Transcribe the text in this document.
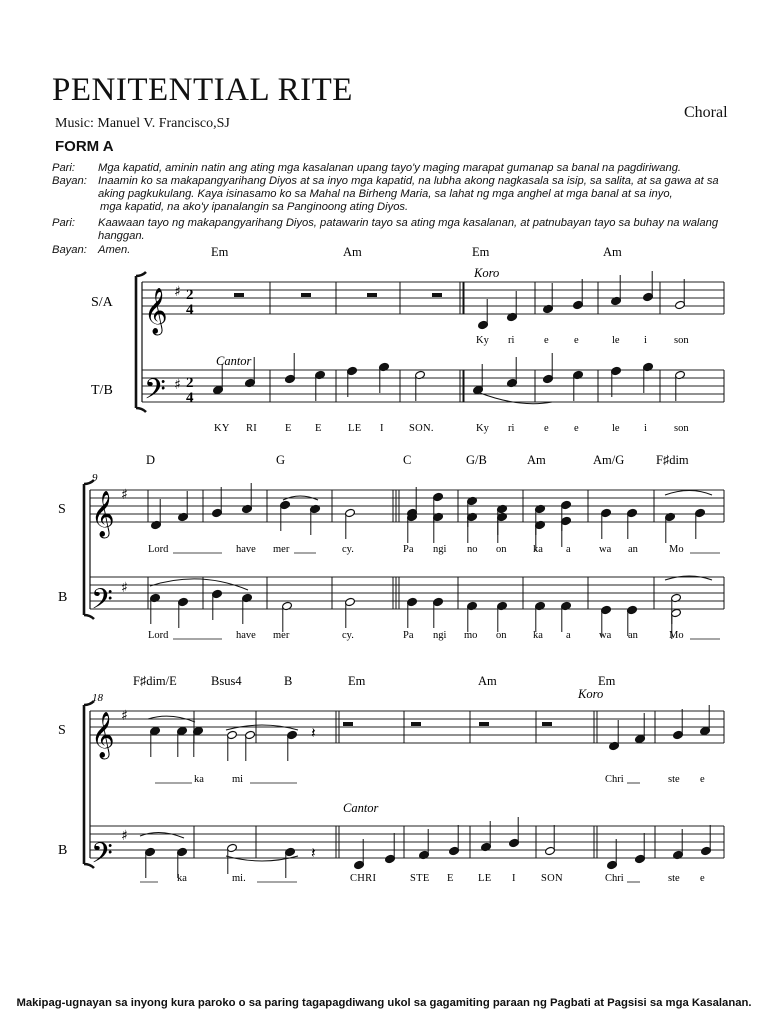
PENITENTIAL RITE
Choral
Music: Manuel V. Francisco,SJ
FORM A
Pari: Mga kapatid, aminin natin ang ating mga kasalanan upang tayo'y maging marapat gumanap sa banal na pagdiriwang.
Bayan: Inaamin ko sa makapangyarihang Diyos at sa inyo mga kapatid, na lubha akong nagkasala sa isip, sa salita, at sa gawa at sa
aking pagkukulang. Kaya isinasamo ko sa Mahal na Birheng Maria, sa lahat ng mga anghel at mga banal at sa inyo,
mga kapatid, na ako'y ipanalangin sa Panginoong ating Diyos.
Pari: Kaawaan tayo ng makapangyarihang Diyos, patawarin tayo sa ating mga kasalanan, at patnubayan tayo sa buhay na walang
hanggan.
Bayan: Amen.
𝄞
𝄢
𝄞
𝄢
𝄞
𝄢
♯
♯
♯
♯
♯
♯
2
4
2
4
𝄽
𝄽
S/A
T/B
S
B
S
B
9
18
Koro
Cantor
Koro
Cantor
Em	Am	Em	Am
D	G	C	G/B	Am	Am/G	F♯dim
F♯dim/E	Bsus4	B	Em	Am	Em
Ky ri	e e	le i	son
KY RI	E E	LE I SON.	Ky ri	e e	le i	son
Lord	have mer	cy.	Pa ngi no on	ka a	wa an	Mo
Lord	have mer	cy.	Pa ngi mo on	ka a	wa an	Mo
ka	mi	Chri	ste e
ka	mi.	CHRI	STE E LE I SON	Chri	ste e
Makipag-ugnayan sa inyong kura paroko o sa paring tagapagdiwang ukol sa gagamiting paraan ng Pagbati at Pagsisi sa mga Kasalanan.
